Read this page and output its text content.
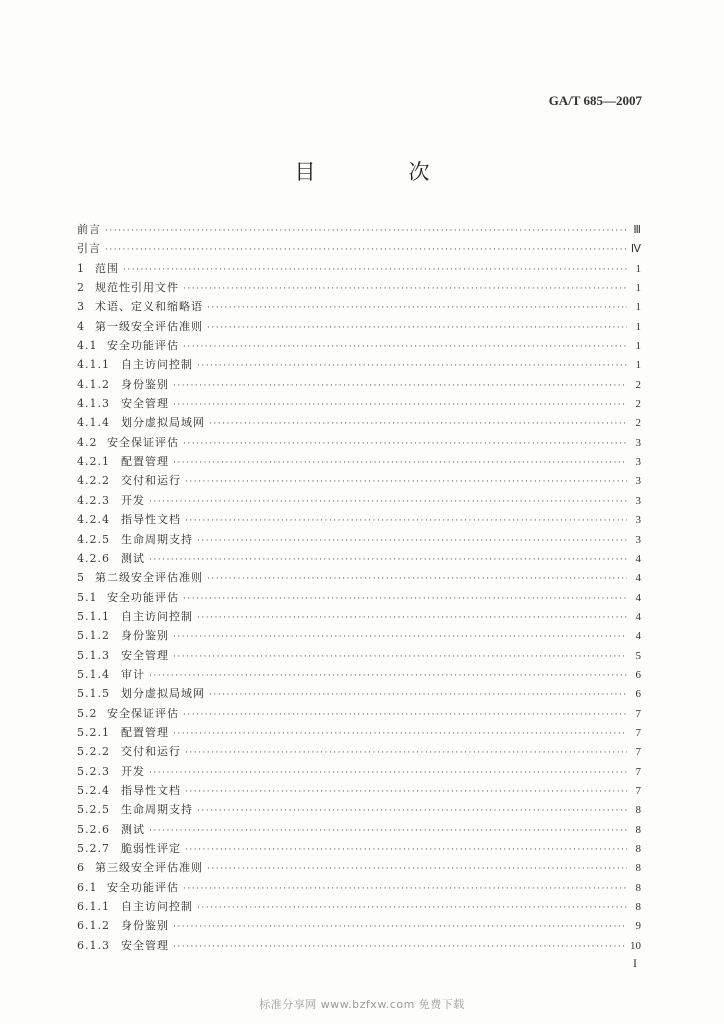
GA/T 685—2007
目　次
前言 ·····	Ⅲ
引言 ·····	Ⅳ
1 范围 ·····	1
2 规范性引用文件 ·····	1
3 术语、定义和缩略语 ·····	1
4 第一级安全评估准则 ·····	1
4.1 安全功能评估 ·····	1
4.1.1	自主访问控制 ·····	1
4.1.2	身份鉴别 ·····	2
4.1.3	安全管理 ·····	2
4.1.4	划分虚拟局域网 ·····	2
4.2 安全保证评估 ·····	3
4.2.1	配置管理 ·····	3
4.2.2	交付和运行 ·····	3
4.2.3	开发 ·····	3
4.2.4	指导性文档 ·····	3
4.2.5	生命周期支持 ·····	3
4.2.6	测试 ·····	4
5 第二级安全评估准则 ·····	4
5.1 安全功能评估 ·····	4
5.1.1	自主访问控制 ·····	4
5.1.2	身份鉴别 ·····	4
5.1.3	安全管理 ·····	5
5.1.4	审计 ·····	6
5.1.5	划分虚拟局域网 ·····	6
5.2 安全保证评估 ·····	7
5.2.1	配置管理 ·····	7
5.2.2	交付和运行 ·····	7
5.2.3	开发 ·····	7
5.2.4	指导性文档 ·····	7
5.2.5	生命周期支持 ·····	8
5.2.6	测试 ·····	8
5.2.7	脆弱性评定 ·····	8
6 第三级安全评估准则 ·····	8
6.1 安全功能评估 ·····	8
6.1.1	自主访问控制 ·····	8
6.1.2	身份鉴别 ·····	9
6.1.3	安全管理 ·····	10
I
标准分享网 www.bzfxw.com 免费下载
